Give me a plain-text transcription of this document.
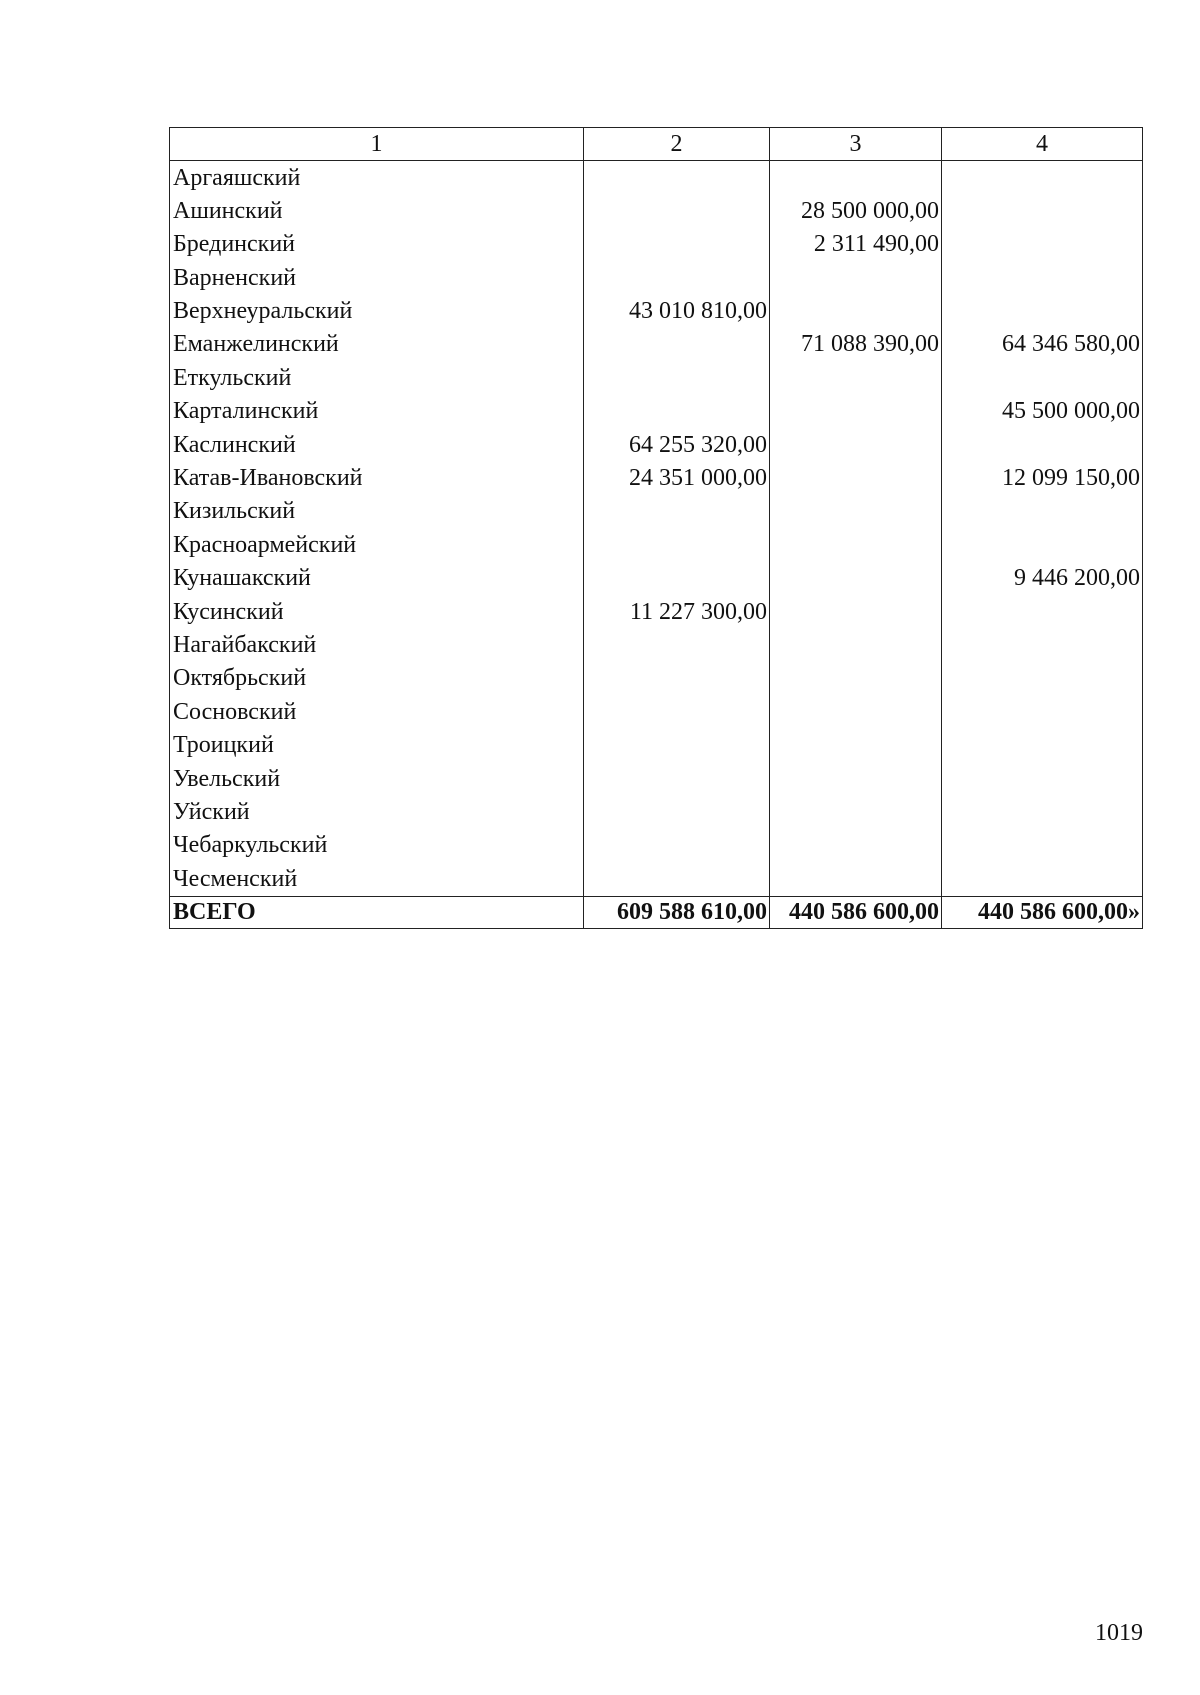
1	2	3	4
Аргаяшский			
Ашинский		28 500 000,00	
Брединский		2 311 490,00	
Варненский			
Верхнеуральский	43 010 810,00		
Еманжелинский		71 088 390,00	64 346 580,00
Еткульский			
Карталинский			45 500 000,00
Каслинский	64 255 320,00		
Катав-Ивановский	24 351 000,00		12 099 150,00
Кизильский			
Красноармейский			
Кунашакский			9 446 200,00
Кусинский	11 227 300,00		
Нагайбакский			
Октябрьский			
Сосновский			
Троицкий			
Увельский			
Уйский			
Чебаркульский			
Чесменский			
ВСЕГО	609 588 610,00	440 586 600,00	440 586 600,00»
1019
